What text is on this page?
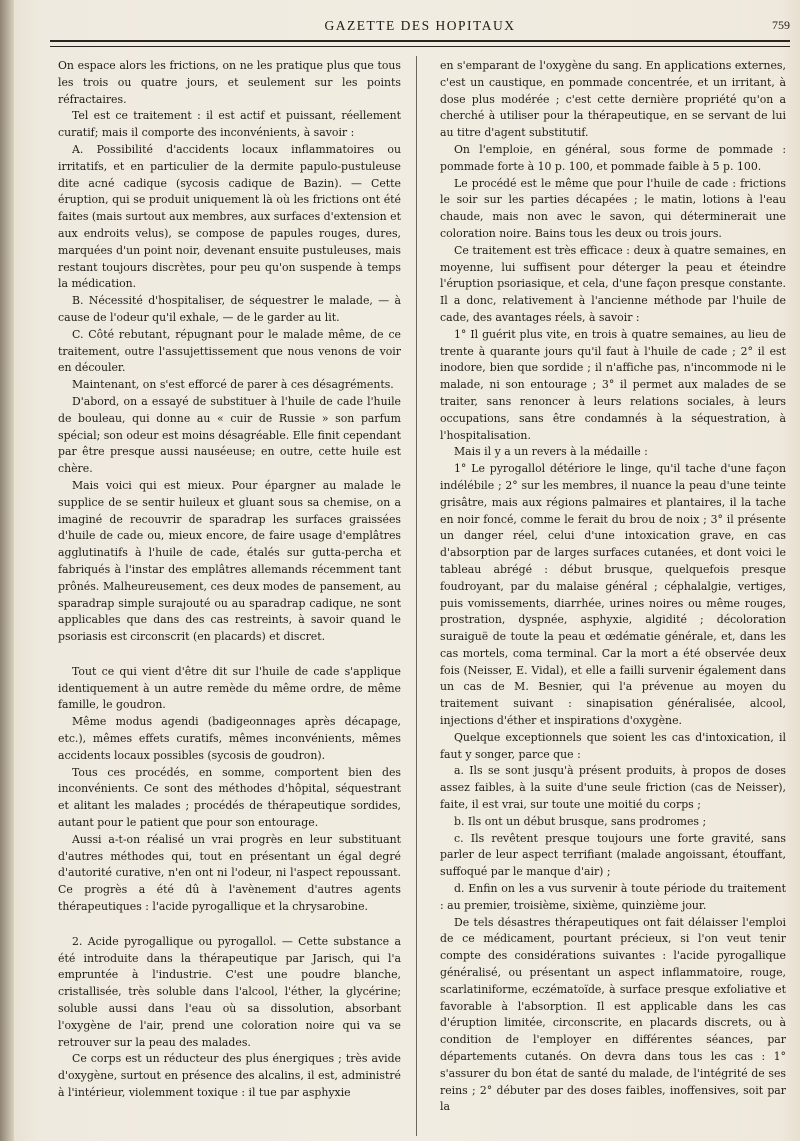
GAZETTE DES HOPITAUX	759

On espace alors les frictions, on ne les pratique plus que tous les trois ou quatre jours, et seulement sur les points réfractaires.

Tel est ce traitement : il est actif et puissant, réellement curatif; mais il comporte des inconvénients, à savoir :

A. Possibilité d'accidents locaux inflammatoires ou irritatifs, et en particulier de la dermite papulo-pustuleuse dite acné cadique (sycosis cadique de Bazin). — Cette éruption, qui se produit uniquement là où les frictions ont été faites (mais surtout aux membres, aux surfaces d'extension et aux endroits velus), se compose de papules rouges, dures, marquées d'un point noir, devenant ensuite pustuleuses, mais restant toujours discrètes, pour peu qu'on suspende à temps la médication.

B. Nécessité d'hospitaliser, de séquestrer le malade, — à cause de l'odeur qu'il exhale, — de le garder au lit.

C. Côté rebutant, répugnant pour le malade même, de ce traitement, outre l'assujettissement que nous venons de voir en découler.

Maintenant, on s'est efforcé de parer à ces désagréments.

D'abord, on a essayé de substituer à l'huile de cade l'huile de bouleau, qui donne au « cuir de Russie » son parfum spécial; son odeur est moins désagréable. Elle finit cependant par être presque aussi nauséeuse; en outre, cette huile est chère.

Mais voici qui est mieux. Pour épargner au malade le supplice de se sentir huileux et gluant sous sa chemise, on a imaginé de recouvrir de sparadrap les surfaces graissées d'huile de cade ou, mieux encore, de faire usage d'emplâtres agglutinatifs à l'huile de cade, étalés sur gutta-percha et fabriqués à l'instar des emplâtres allemands récemment tant prônés. Malheureusement, ces deux modes de pansement, au sparadrap simple surajouté ou au sparadrap cadique, ne sont applicables que dans des cas restreints, à savoir quand le psoriasis est circonscrit (en placards) et discret.

Tout ce qui vient d'être dit sur l'huile de cade s'applique identiquement à un autre remède du même ordre, de même famille, le goudron.

Même modus agendi (badigeonnages après décapage, etc.), mêmes effets curatifs, mêmes inconvénients, mêmes accidents locaux possibles (sycosis de goudron).

Tous ces procédés, en somme, comportent bien des inconvénients. Ce sont des méthodes d'hôpital, séquestrant et alitant les malades ; procédés de thérapeutique sordides, autant pour le patient que pour son entourage.

Aussi a-t-on réalisé un vrai progrès en leur substituant d'autres méthodes qui, tout en présentant un égal degré d'autorité curative, n'en ont ni l'odeur, ni l'aspect repoussant. Ce progrès a été dû à l'avènement d'autres agents thérapeutiques : l'acide pyrogallique et la chrysarobine.

2. Acide pyrogallique ou pyrogallol. — Cette substance a été introduite dans la thérapeutique par Jarisch, qui l'a empruntée à l'industrie. C'est une poudre blanche, cristallisée, très soluble dans l'alcool, l'éther, la glycérine; soluble aussi dans l'eau où sa dissolution, absorbant l'oxygène de l'air, prend une coloration noire qui va se retrouver sur la peau des malades.

Ce corps est un réducteur des plus énergiques ; très avide d'oxygène, surtout en présence des alcalins, il est, administré à l'intérieur, violemment toxique : il tue par asphyxie

en s'emparant de l'oxygène du sang. En applications externes, c'est un caustique, en pommade concentrée, et un irritant, à dose plus modérée ; c'est cette dernière propriété qu'on a cherché à utiliser pour la thérapeutique, en se servant de lui au titre d'agent substitutif.

On l'emploie, en général, sous forme de pommade : pommade forte à 10 p. 100, et pommade faible à 5 p. 100.

Le procédé est le même que pour l'huile de cade : frictions le soir sur les parties décapées ; le matin, lotions à l'eau chaude, mais non avec le savon, qui déterminerait une coloration noire. Bains tous les deux ou trois jours.

Ce traitement est très efficace : deux à quatre semaines, en moyenne, lui suffisent pour déterger la peau et éteindre l'éruption psoriasique, et cela, d'une façon presque constante. Il a donc, relativement à l'ancienne méthode par l'huile de cade, des avantages réels, à savoir :

1° Il guérit plus vite, en trois à quatre semaines, au lieu de trente à quarante jours qu'il faut à l'huile de cade ; 2° il est inodore, bien que sordide ; il n'affiche pas, n'incommode ni le malade, ni son entourage ; 3° il permet aux malades de se traiter, sans renoncer à leurs relations sociales, à leurs occupations, sans être condamnés à la séquestration, à l'hospitalisation.

Mais il y a un revers à la médaille :

1° Le pyrogallol détériore le linge, qu'il tache d'une façon indélébile ; 2° sur les membres, il nuance la peau d'une teinte grisâtre, mais aux régions palmaires et plantaires, il la tache en noir foncé, comme le ferait du brou de noix ; 3° il présente un danger réel, celui d'une intoxication grave, en cas d'absorption par de larges surfaces cutanées, et dont voici le tableau abrégé : début brusque, quelquefois presque foudroyant, par du malaise général ; céphalalgie, vertiges, puis vomissements, diarrhée, urines noires ou même rouges, prostration, dyspnée, asphyxie, algidité ; décoloration suraiguë de toute la peau et œdématie générale, et, dans les cas mortels, coma terminal. Car la mort a été observée deux fois (Neisser, E. Vidal), et elle a failli survenir également dans un cas de M. Besnier, qui l'a prévenue au moyen du traitement suivant : sinapisation généralisée, alcool, injections d'éther et inspirations d'oxygène.

Quelque exceptionnels que soient les cas d'intoxication, il faut y songer, parce que :

a. Ils se sont jusqu'à présent produits, à propos de doses assez faibles, à la suite d'une seule friction (cas de Neisser), faite, il est vrai, sur toute une moitié du corps ;

b. Ils ont un début brusque, sans prodromes ;

c. Ils revêtent presque toujours une forte gravité, sans parler de leur aspect terrifiant (malade angoissant, étouffant, suffoqué par le manque d'air) ;

d. Enfin on les a vus survenir à toute période du traitement : au premier, troisième, sixième, quinzième jour.

De tels désastres thérapeutiques ont fait délaisser l'emploi de ce médicament, pourtant précieux, si l'on veut tenir compte des considérations suivantes : l'acide pyrogallique généralisé, ou présentant un aspect inflammatoire, rouge, scarlatiniforme, eczématoïde, à surface presque exfoliative et favorable à l'absorption. Il est applicable dans les cas d'éruption limitée, circonscrite, en placards discrets, ou à condition de l'employer en différentes séances, par départements cutanés. On devra dans tous les cas : 1° s'assurer du bon état de santé du malade, de l'intégrité de ses reins ; 2° débuter par des doses faibles, inoffensives, soit par la
